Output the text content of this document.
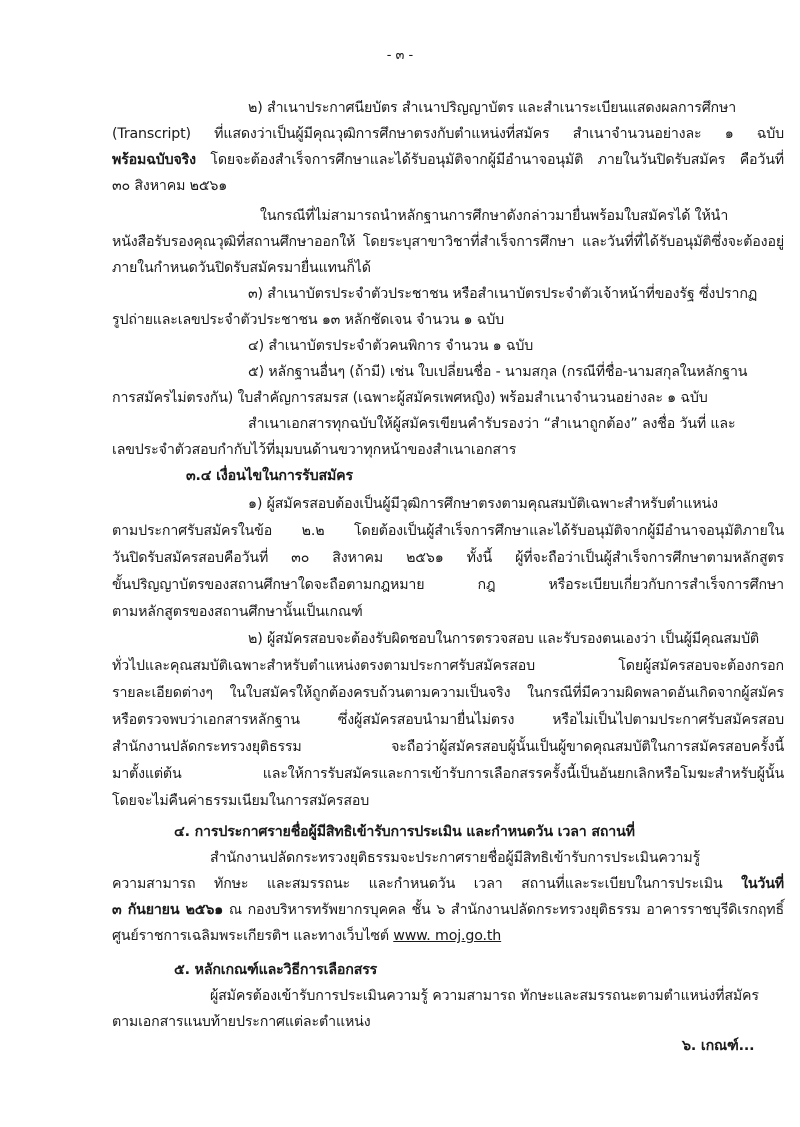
- ๓ -
๒) สำเนาประกาศนียบัตร สำเนาปริญญาบัตร และสำเนาระเบียนแสดงผลการศึกษา
(Transcript) ที่แสดงว่าเป็นผู้มีคุณวุฒิการศึกษาตรงกับตำแหน่งที่สมัคร สำเนาจำนวนอย่างละ ๑ ฉบับ
พร้อมฉบับจริง โดยจะต้องสำเร็จการศึกษาและได้รับอนุมัติจากผู้มีอำนาจอนุมัติ ภายในวันปิดรับสมัคร คือวันที่
๓๐ สิงหาคม ๒๕๖๑
ในกรณีที่ไม่สามารถนำหลักฐานการศึกษาดังกล่าวมายื่นพร้อมใบสมัครได้ ให้นำ
หนังสือรับรองคุณวุฒิที่สถานศึกษาออกให้ โดยระบุสาขาวิชาที่สำเร็จการศึกษา และวันที่ที่ได้รับอนุมัติซึ่งจะต้องอยู่
ภายในกำหนดวันปิดรับสมัครมายื่นแทนก็ได้
๓) สำเนาบัตรประจำตัวประชาชน หรือสำเนาบัตรประจำตัวเจ้าหน้าที่ของรัฐ ซึ่งปรากฏ
รูปถ่ายและเลขประจำตัวประชาชน ๑๓ หลักชัดเจน จำนวน ๑ ฉบับ
๔) สำเนาบัตรประจำตัวคนพิการ จำนวน ๑ ฉบับ
๕) หลักฐานอื่นๆ (ถ้ามี) เช่น ใบเปลี่ยนชื่อ - นามสกุล (กรณีที่ชื่อ-นามสกุลในหลักฐาน
การสมัครไม่ตรงกัน) ใบสำคัญการสมรส (เฉพาะผู้สมัครเพศหญิง) พร้อมสำเนาจำนวนอย่างละ ๑ ฉบับ
สำเนาเอกสารทุกฉบับให้ผู้สมัครเขียนคำรับรองว่า “สำเนาถูกต้อง” ลงชื่อ วันที่ และ
เลขประจำตัวสอบกำกับไว้ที่มุมบนด้านขวาทุกหน้าของสำเนาเอกสาร
๓.๔ เงื่อนไขในการรับสมัคร
๑) ผู้สมัครสอบต้องเป็นผู้มีวุฒิการศึกษาตรงตามคุณสมบัติเฉพาะสำหรับตำแหน่ง
ตามประกาศรับสมัครในข้อ ๒.๒ โดยต้องเป็นผู้สำเร็จการศึกษาและได้รับอนุมัติจากผู้มีอำนาจอนุมัติภายใน
วันปิดรับสมัครสอบคือวันที่ ๓๐ สิงหาคม ๒๕๖๑ ทั้งนี้ ผู้ที่จะถือว่าเป็นผู้สำเร็จการศึกษาตามหลักสูตร
ขั้นปริญญาบัตรของสถานศึกษาใดจะถือตามกฎหมาย กฎ หรือระเบียบเกี่ยวกับการสำเร็จการศึกษา
ตามหลักสูตรของสถานศึกษานั้นเป็นเกณฑ์
๒) ผู้สมัครสอบจะต้องรับผิดชอบในการตรวจสอบ และรับรองตนเองว่า เป็นผู้มีคุณสมบัติ
ทั่วไปและคุณสมบัติเฉพาะสำหรับตำแหน่งตรงตามประกาศรับสมัครสอบ โดยผู้สมัครสอบจะต้องกรอก
รายละเอียดต่างๆ ในใบสมัครให้ถูกต้องครบถ้วนตามความเป็นจริง ในกรณีที่มีความผิดพลาดอันเกิดจากผู้สมัคร
หรือตรวจพบว่าเอกสารหลักฐาน ซึ่งผู้สมัครสอบนำมายื่นไม่ตรง หรือไม่เป็นไปตามประกาศรับสมัครสอบ
สำนักงานปลัดกระทรวงยุติธรรม จะถือว่าผู้สมัครสอบผู้นั้นเป็นผู้ขาดคุณสมบัติในการสมัครสอบครั้งนี้
มาตั้งแต่ต้น และให้การรับสมัครและการเข้ารับการเลือกสรรครั้งนี้เป็นอันยกเลิกหรือโมฆะสำหรับผู้นั้น
โดยจะไม่คืนค่าธรรมเนียมในการสมัครสอบ
๔. การประกาศรายชื่อผู้มีสิทธิเข้ารับการประเมิน และกำหนดวัน เวลา สถานที่
สำนักงานปลัดกระทรวงยุติธรรมจะประกาศรายชื่อผู้มีสิทธิเข้ารับการประเมินความรู้
ความสามารถ ทักษะ และสมรรถนะ และกำหนดวัน เวลา สถานที่และระเบียบในการประเมิน ในวันที่
๓ กันยายน ๒๕๖๑ ณ กองบริหารทรัพยากรบุคคล ชั้น ๖ สำนักงานปลัดกระทรวงยุติธรรม อาคารราชบุรีดิเรกฤทธิ์
ศูนย์ราชการเฉลิมพระเกียรติฯ และทางเว็บไซต์ www. moj.go.th
๕. หลักเกณฑ์และวิธีการเลือกสรร
ผู้สมัครต้องเข้ารับการประเมินความรู้ ความสามารถ ทักษะและสมรรถนะตามตำแหน่งที่สมัคร
ตามเอกสารแนบท้ายประกาศแต่ละตำแหน่ง
๖. เกณฑ์...
